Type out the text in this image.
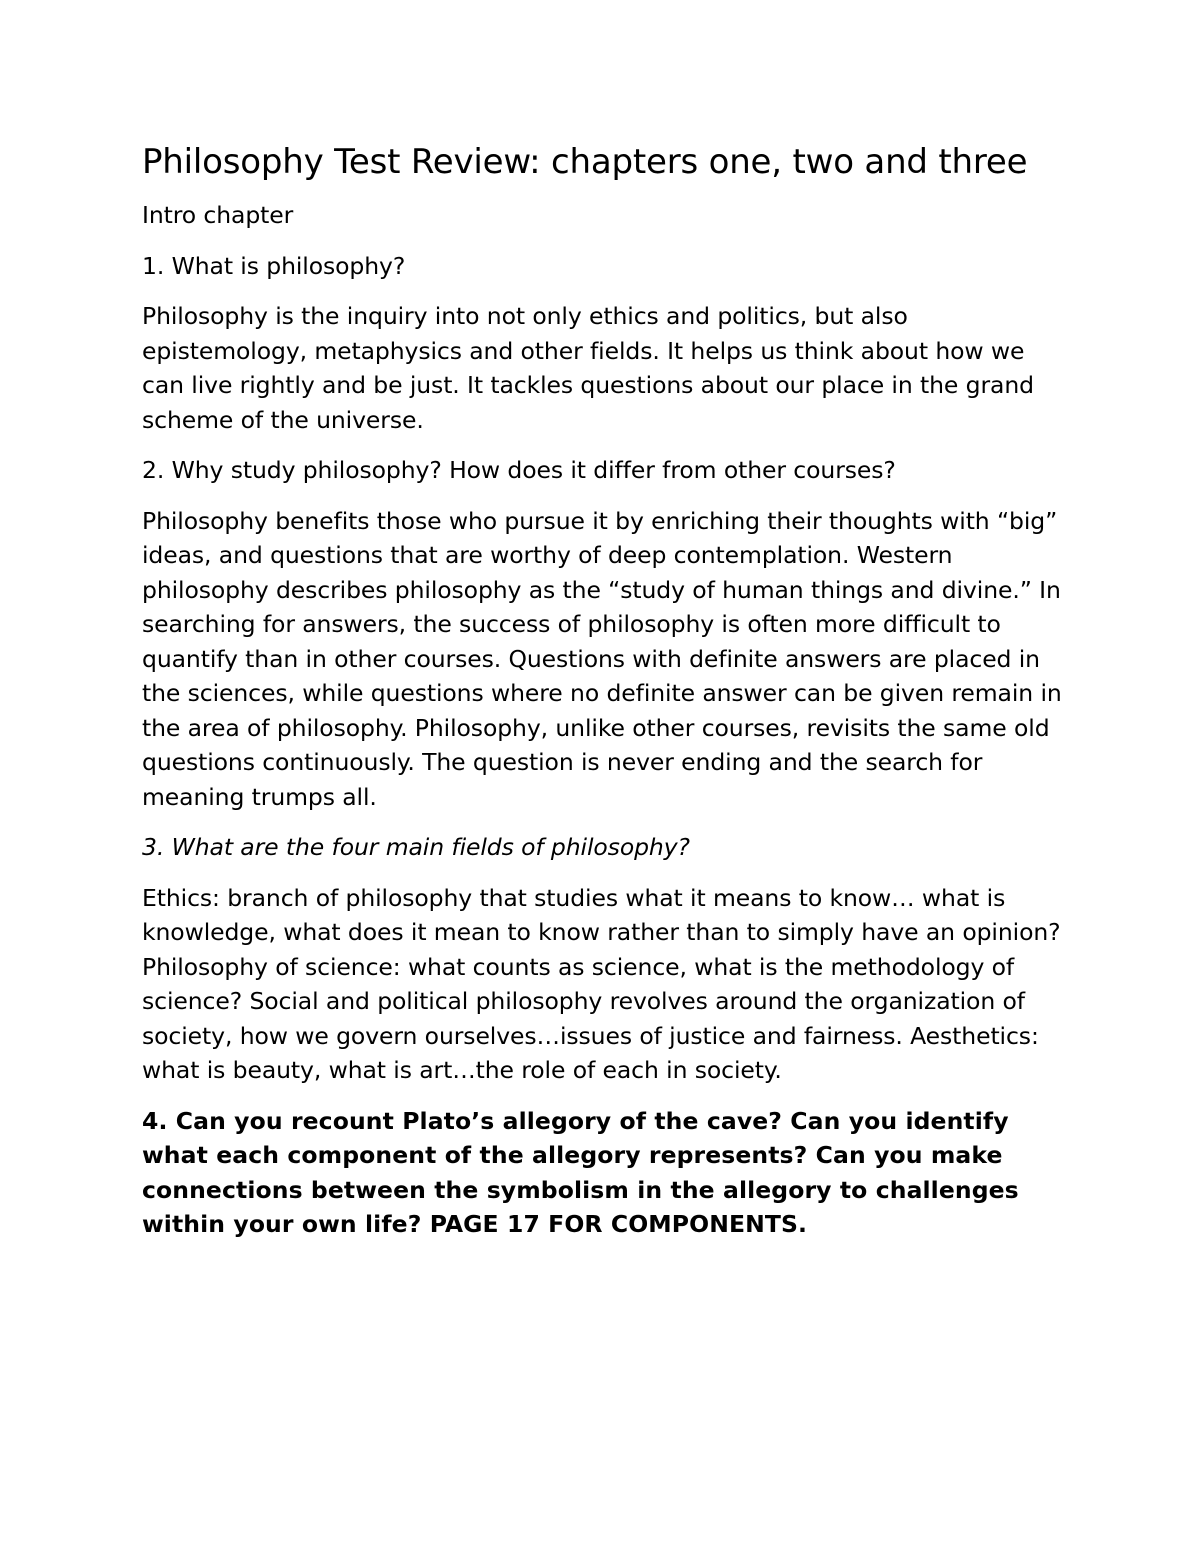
Philosophy Test Review: chapters one, two and three

Intro chapter

1. What is philosophy?

Philosophy is the inquiry into not only ethics and politics, but also epistemology, metaphysics and other fields. It helps us think about how we can live rightly and be just. It tackles questions about our place in the grand scheme of the universe.

2. Why study philosophy? How does it differ from other courses?

Philosophy benefits those who pursue it by enriching their thoughts with “big” ideas, and questions that are worthy of deep contemplation. Western philosophy describes philosophy as the “study of human things and divine.” In searching for answers, the success of philosophy is often more difficult to quantify than in other courses. Questions with definite answers are placed in the sciences, while questions where no definite answer can be given remain in the area of philosophy. Philosophy, unlike other courses, revisits the same old questions continuously. The question is never ending and the search for meaning trumps all.

3. What are the four main fields of philosophy?

Ethics: branch of philosophy that studies what it means to know… what is knowledge, what does it mean to know rather than to simply have an opinion? Philosophy of science: what counts as science, what is the methodology of science? Social and political philosophy revolves around the organization of society, how we govern ourselves…issues of justice and fairness. Aesthetics: what is beauty, what is art…the role of each in society.

4. Can you recount Plato’s allegory of the cave? Can you identify what each component of the allegory represents? Can you make connections between the symbolism in the allegory to challenges within your own life? PAGE 17 FOR COMPONENTS.
